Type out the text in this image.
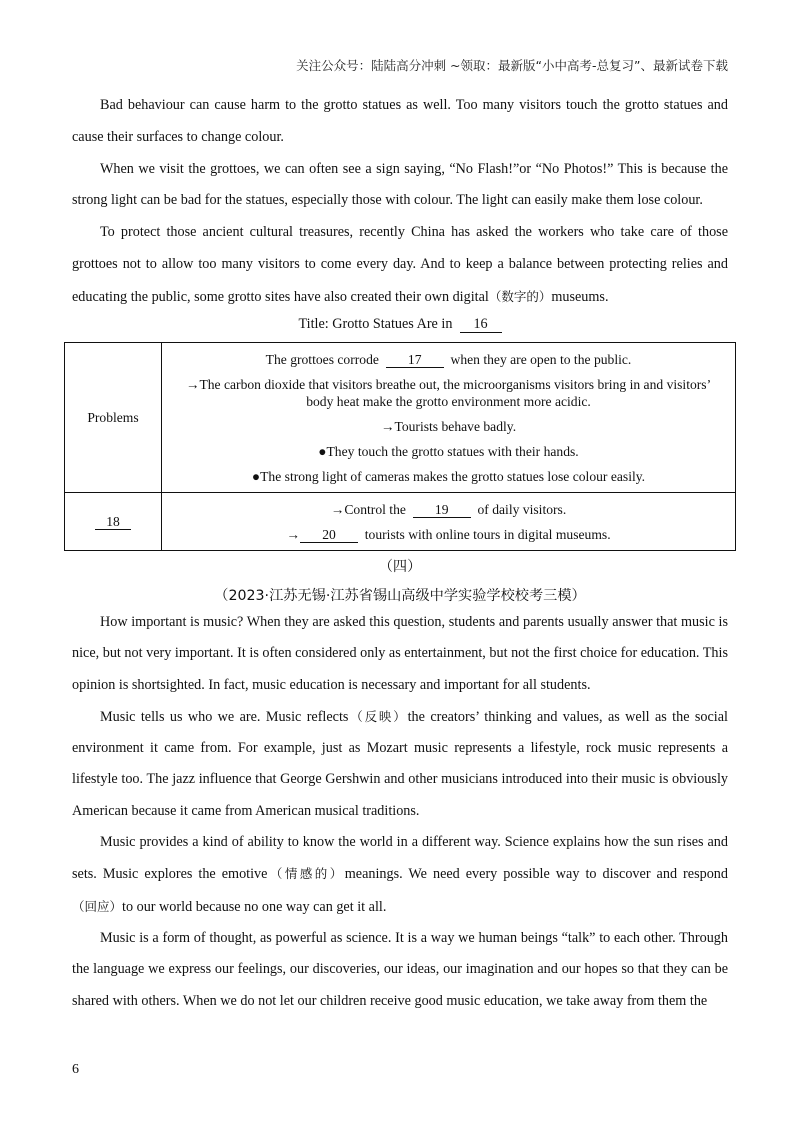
关注公众号：陆陆高分冲刺 ~领取：最新版“小中高考-总复习”、最新试卷下载

Bad behaviour can cause harm to the grotto statues as well. Too many visitors touch the grotto statues and cause their surfaces to change colour.

When we visit the grottoes, we can often see a sign saying, “No Flash!”or “No Photos!” This is because the strong light can be bad for the statues, especially those with colour. The light can easily make them lose colour.

To protect those ancient cultural treasures, recently China has asked the workers who take care of those grottoes not to allow too many visitors to come every day. And to keep a balance between protecting relies and educating the public, some grotto sites have also created their own digital（数字的）museums.

Title: Grotto Statues Are in 16
Problems	The grottoes corrode 17 when they are open to the public.

→The carbon dioxide that visitors breathe out, the microorganisms visitors bring in and visitors’ body heat make the grotto environment more acidic.

→Tourists behave badly.

●They touch the grotto statues with their hands.

●The strong light of cameras makes the grotto statues lose colour easily.

18	→Control the 19 of daily visitors.

→ 20 tourists with online tours in digital museums.

（四）
（2023·江苏无锡·江苏省锡山高级中学实验学校校考三模）

How important is music? When they are asked this question, students and parents usually answer that music is nice, but not very important. It is often considered only as entertainment, but not the first choice for education. This opinion is shortsighted. In fact, music education is necessary and important for all students.

Music tells us who we are. Music reflects（反映）the creators’ thinking and values, as well as the social environment it came from. For example, just as Mozart music represents a lifestyle, rock music represents a lifestyle too. The jazz influence that George Gershwin and other musicians introduced into their music is obviously American because it came from American musical traditions.

Music provides a kind of ability to know the world in a different way. Science explains how the sun rises and sets. Music explores the emotive（情感的）meanings. We need every possible way to discover and respond（回应）to our world because no one way can get it all.

Music is a form of thought, as powerful as science. It is a way we human beings “talk” to each other. Through the language we express our feelings, our discoveries, our ideas, our imagination and our hopes so that they can be shared with others. When we do not let our children receive good music education, we take away from them the

6
